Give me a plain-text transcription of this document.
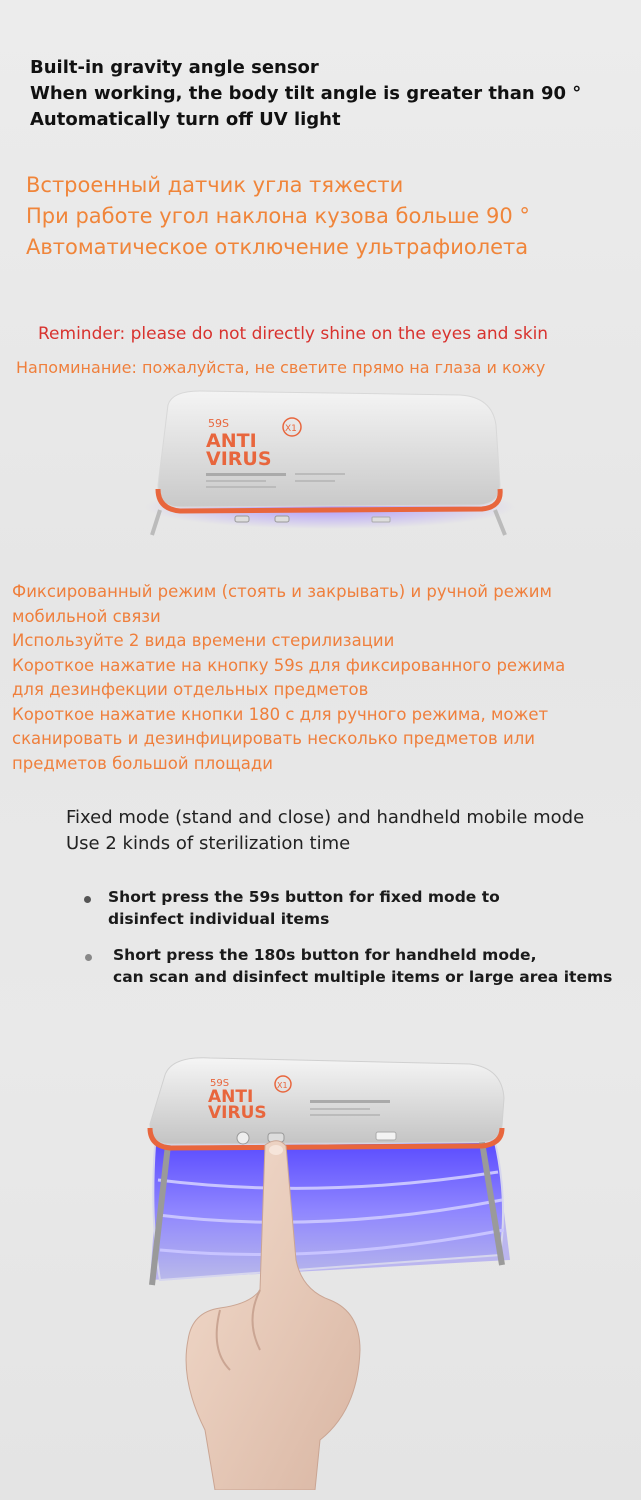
Built-in gravity angle sensor
When working, the body tilt angle is greater than 90 °
Automatically turn off UV light
Встроенный датчик угла тяжести
При работе угол наклона кузова больше 90 °
Автоматическое отключение ультрафиолета
Reminder: please do not directly shine on the eyes and skin
Напоминание: пожалуйста, не светите прямо на глаза и кожу
59S
ANTI
VIRUS
X1
Фиксированный режим (стоять и закрывать) и ручной режим
мобильной связи
Используйте 2 вида времени стерилизации
Короткое нажатие на кнопку 59s для фиксированного режима
для дезинфекции отдельных предметов
Короткое нажатие кнопки 180 с для ручного режима, может
сканировать и дезинфицировать несколько предметов или
предметов большой площади
Fixed mode (stand and close) and handheld mobile mode
Use 2 kinds of sterilization time
Short press the 59s button for fixed mode to
disinfect individual items
Short press the 180s button for handheld mode,
can scan and disinfect multiple items or large area items
59S
ANTI
VIRUS
X1
